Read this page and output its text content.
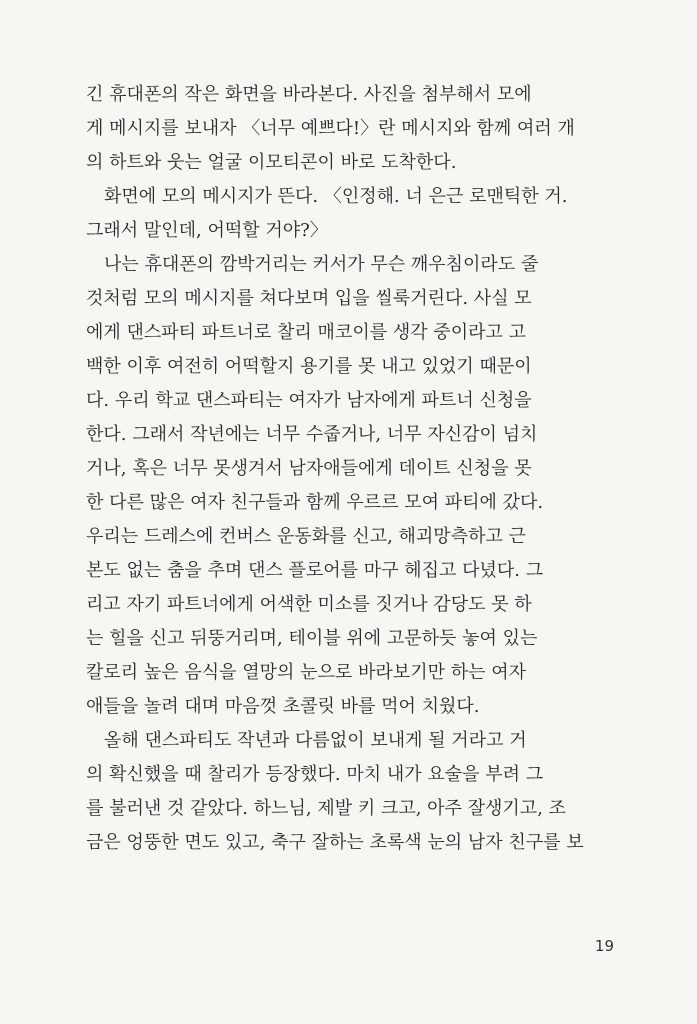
긴 휴대폰의 작은 화면을 바라본다. 사진을 첨부해서 모에
게 메시지를 보내자 〈너무 예쁘다!〉란 메시지와 함께 여러 개
의 하트와 웃는 얼굴 이모티콘이 바로 도착한다.
화면에 모의 메시지가 뜬다. 〈인정해. 너 은근 로맨틱한 거.
그래서 말인데, 어떡할 거야?〉
나는 휴대폰의 깜박거리는 커서가 무슨 깨우침이라도 줄
것처럼 모의 메시지를 쳐다보며 입을 씰룩거린다. 사실 모
에게 댄스파티 파트너로 찰리 매코이를 생각 중이라고 고
백한 이후 여전히 어떡할지 용기를 못 내고 있었기 때문이
다. 우리 학교 댄스파티는 여자가 남자에게 파트너 신청을
한다. 그래서 작년에는 너무 수줍거나, 너무 자신감이 넘치
거나, 혹은 너무 못생겨서 남자애들에게 데이트 신청을 못
한 다른 많은 여자 친구들과 함께 우르르 모여 파티에 갔다.
우리는 드레스에 컨버스 운동화를 신고, 해괴망측하고 근
본도 없는 춤을 추며 댄스 플로어를 마구 헤집고 다녔다. 그
리고 자기 파트너에게 어색한 미소를 짓거나 감당도 못 하
는 힐을 신고 뒤뚱거리며, 테이블 위에 고문하듯 놓여 있는
칼로리 높은 음식을 열망의 눈으로 바라보기만 하는 여자
애들을 놀려 대며 마음껏 초콜릿 바를 먹어 치웠다.
올해 댄스파티도 작년과 다름없이 보내게 될 거라고 거
의 확신했을 때 찰리가 등장했다. 마치 내가 요술을 부려 그
를 불러낸 것 같았다. 하느님, 제발 키 크고, 아주 잘생기고, 조
금은 엉뚱한 면도 있고, 축구 잘하는 초록색 눈의 남자 친구를 보
19
